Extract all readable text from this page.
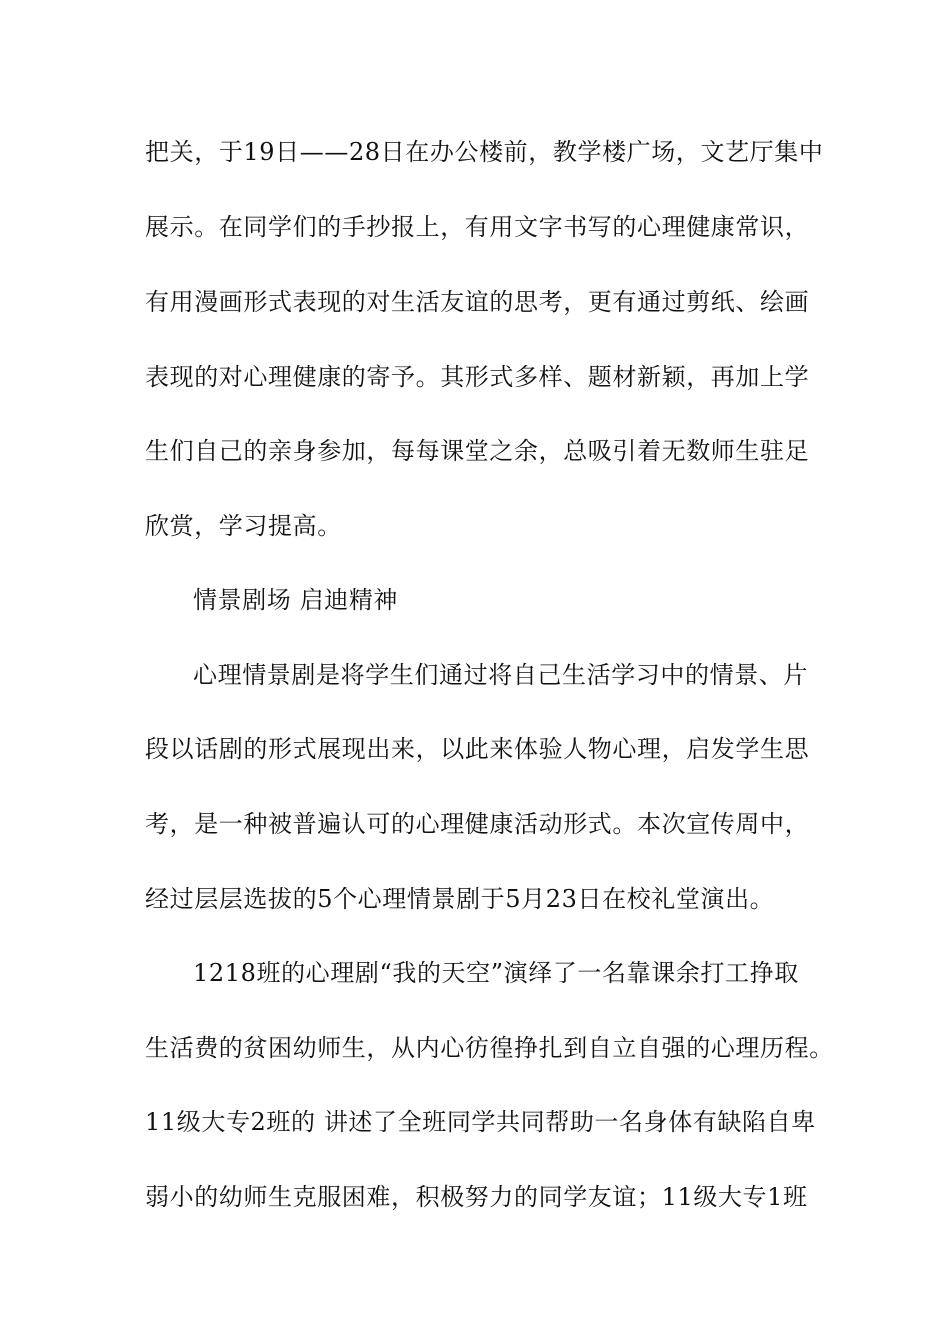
把关，于19日——28日在办公楼前，教学楼广场，文艺厅集中
展示。在同学们的手抄报上，有用文字书写的心理健康常识，
有用漫画形式表现的对生活友谊的思考，更有通过剪纸、绘画
表现的对心理健康的寄予。其形式多样、题材新颖，再加上学
生们自己的亲身参加，每每课堂之余，总吸引着无数师生驻足
欣赏，学习提高。
情景剧场 启迪精神
心理情景剧是将学生们通过将自己生活学习中的情景、片
段以话剧的形式展现出来，以此来体验人物心理，启发学生思
考，是一种被普遍认可的心理健康活动形式。本次宣传周中，
经过层层选拔的5个心理情景剧于5月23日在校礼堂演出。
1218班的心理剧“我的天空”演绎了一名靠课余打工挣取
生活费的贫困幼师生，从内心彷徨挣扎到自立自强的心理历程。
11级大专2班的 讲述了全班同学共同帮助一名身体有缺陷自卑
弱小的幼师生克服困难，积极努力的同学友谊；11级大专1班
